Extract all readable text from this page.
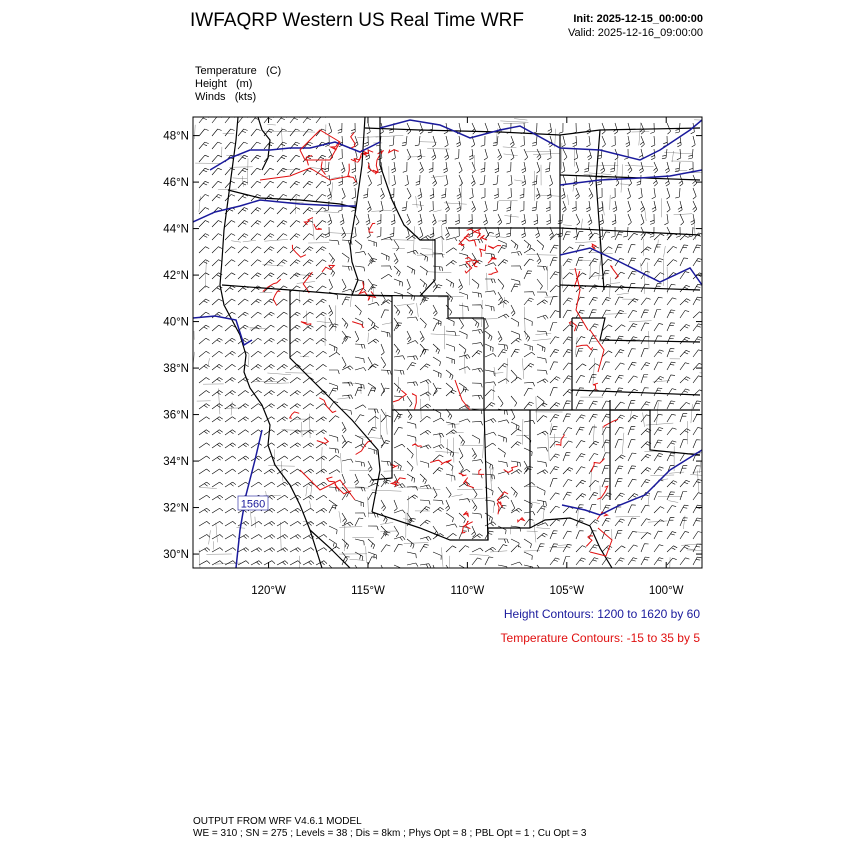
IWFAQRP Western US Real Time WRF	Init: 2025-12-15_00:00:00
Valid: 2025-12-16_09:00:00
Temperature (C)
Height (m)
Winds (kts)
1560
48°N
46°N
44°N
42°N
40°N
38°N
36°N
34°N
32°N
30°N
120°W	115°W	110°W	105°W	100°W
Height Contours: 1200 to 1620 by 60
Temperature Contours: -15 to 35 by 5
OUTPUT FROM WRF V4.6.1 MODEL
WE = 310 ; SN = 275 ; Levels = 38 ; Dis = 8km ; Phys Opt = 8 ; PBL Opt = 1 ; Cu Opt = 3
